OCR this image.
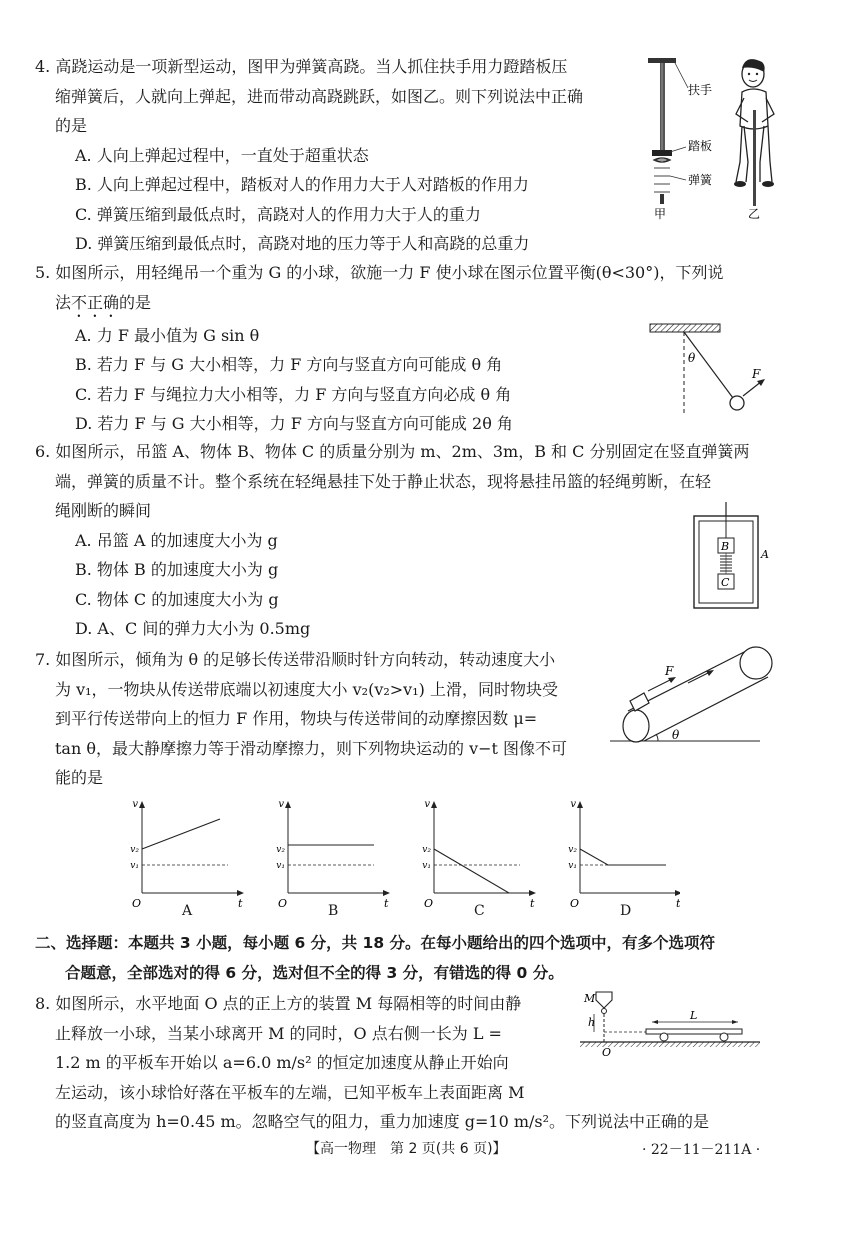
4. 高跷运动是一项新型运动，图甲为弹簧高跷。当人抓住扶手用力蹬踏板压
缩弹簧后，人就向上弹起，进而带动高跷跳跃，如图乙。则下列说法中正确
的是
A. 人向上弹起过程中，一直处于超重状态
B. 人向上弹起过程中，踏板对人的作用力大于人对踏板的作用力
C. 弹簧压缩到最低点时，高跷对人的作用力大于人的重力
D. 弹簧压缩到最低点时，高跷对地的压力等于人和高跷的总重力
扶手
踏板
弹簧
甲	乙
5. 如图所示，用轻绳吊一个重为 G 的小球，欲施一力 F 使小球在图示位置平衡(θ<30°)，下列说
法不正确的是
A. 力 F 最小值为 G sin θ
B. 若力 F 与 G 大小相等，力 F 方向与竖直方向可能成 θ 角
C. 若力 F 与绳拉力大小相等，力 F 方向与竖直方向必成 θ 角
D. 若力 F 与 G 大小相等，力 F 方向与竖直方向可能成 2θ 角
F
θ
6. 如图所示，吊篮 A、物体 B、物体 C 的质量分别为 m、2m、3m，B 和 C 分别固定在竖直弹簧两
端，弹簧的质量不计。整个系统在轻绳悬挂下处于静止状态，现将悬挂吊篮的轻绳剪断，在轻
绳刚断的瞬间
A. 吊篮 A 的加速度大小为 g
B. 物体 B 的加速度大小为 g
C. 物体 C 的加速度大小为 g
D. A、C 间的弹力大小为 0.5mg
B
C
A
7. 如图所示，倾角为 θ 的足够长传送带沿顺时针方向转动，转动速度大小
为 v₁，一物块从传送带底端以初速度大小 v₂(v₂>v₁) 上滑，同时物块受
到平行传送带向上的恒力 F 作用，物块与传送带间的动摩擦因数 μ=
tan θ，最大静摩擦力等于滑动摩擦力，则下列物块运动的 v−t 图像不可
能的是
F
θ
v
t
O
v₁
v₂
v
t
O
v₁
v₂
v
t
O
v₁
v₂
v
t
O
v₁
v₂
A	B	C	D
二、选择题：本题共 3 小题，每小题 6 分，共 18 分。在每小题给出的四个选项中，有多个选项符
合题意，全部选对的得 6 分，选对但不全的得 3 分，有错选的得 0 分。
8. 如图所示，水平地面 O 点的正上方的装置 M 每隔相等的时间由静
止释放一小球，当某小球离开 M 的同时，O 点右侧一长为 L =
1.2 m 的平板车开始以 a=6.0 m/s² 的恒定加速度从静止开始向
左运动，该小球恰好落在平板车的左端，已知平板车上表面距离 M
的竖直高度为 h=0.45 m。忽略空气的阻力，重力加速度 g=10 m/s²。下列说法中正确的是
M
h
L
O
【高一物理　第 2 页(共 6 页)】	· 22－11－211A ·
